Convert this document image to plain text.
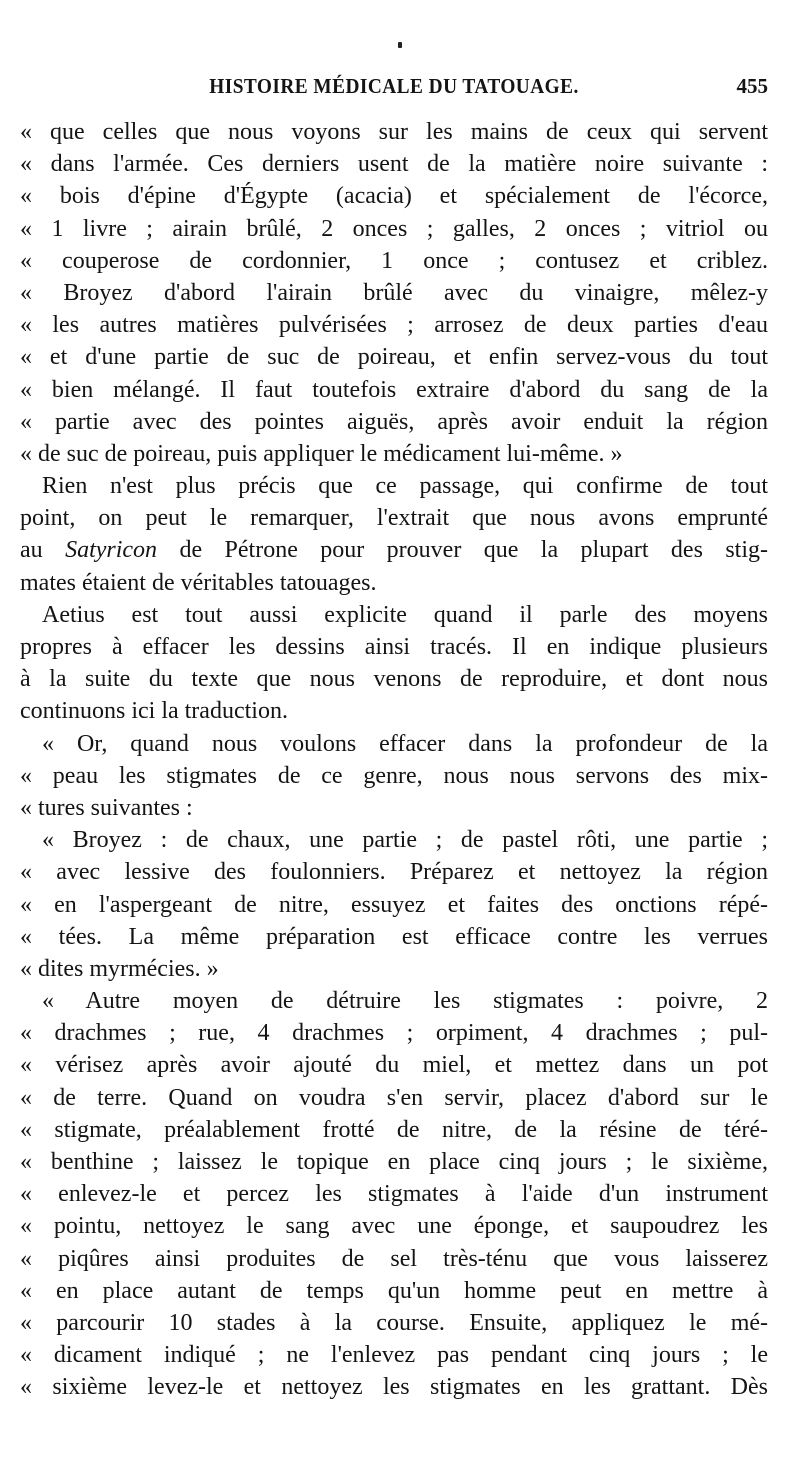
HISTOIRE MÉDICALE DU TATOUAGE.	455
« que celles que nous voyons sur les mains de ceux qui servent
« dans l'armée. Ces derniers usent de la matière noire suivante :
« bois d'épine d'Égypte (acacia) et spécialement de l'écorce,
« 1 livre ; airain brûlé, 2 onces ; galles, 2 onces ; vitriol ou
« couperose de cordonnier, 1 once ; contusez et criblez.
« Broyez d'abord l'airain brûlé avec du vinaigre, mêlez-y
« les autres matières pulvérisées ; arrosez de deux parties d'eau
« et d'une partie de suc de poireau, et enfin servez-vous du tout
« bien mélangé. Il faut toutefois extraire d'abord du sang de la
« partie avec des pointes aiguës, après avoir enduit la région
« de suc de poireau, puis appliquer le médicament lui-même. »
Rien n'est plus précis que ce passage, qui confirme de tout
point, on peut le remarquer, l'extrait que nous avons emprunté
au Satyricon de Pétrone pour prouver que la plupart des stig-
mates étaient de véritables tatouages.
Aetius est tout aussi explicite quand il parle des moyens
propres à effacer les dessins ainsi tracés. Il en indique plusieurs
à la suite du texte que nous venons de reproduire, et dont nous
continuons ici la traduction.
« Or, quand nous voulons effacer dans la profondeur de la
« peau les stigmates de ce genre, nous nous servons des mix-
« tures suivantes :
« Broyez : de chaux, une partie ; de pastel rôti, une partie ;
« avec lessive des foulonniers. Préparez et nettoyez la région
« en l'aspergeant de nitre, essuyez et faites des onctions répé-
« tées. La même préparation est efficace contre les verrues
« dites myrmécies. »
« Autre moyen de détruire les stigmates : poivre, 2
« drachmes ; rue, 4 drachmes ; orpiment, 4 drachmes ; pul-
« vérisez après avoir ajouté du miel, et mettez dans un pot
« de terre. Quand on voudra s'en servir, placez d'abord sur le
« stigmate, préalablement frotté de nitre, de la résine de téré-
« benthine ; laissez le topique en place cinq jours ; le sixième,
« enlevez-le et percez les stigmates à l'aide d'un instrument
« pointu, nettoyez le sang avec une éponge, et saupoudrez les
« piqûres ainsi produites de sel très-ténu que vous laisserez
« en place autant de temps qu'un homme peut en mettre à
« parcourir 10 stades à la course. Ensuite, appliquez le mé-
« dicament indiqué ; ne l'enlevez pas pendant cinq jours ; le
« sixième levez-le et nettoyez les stigmates en les grattant. Dès
